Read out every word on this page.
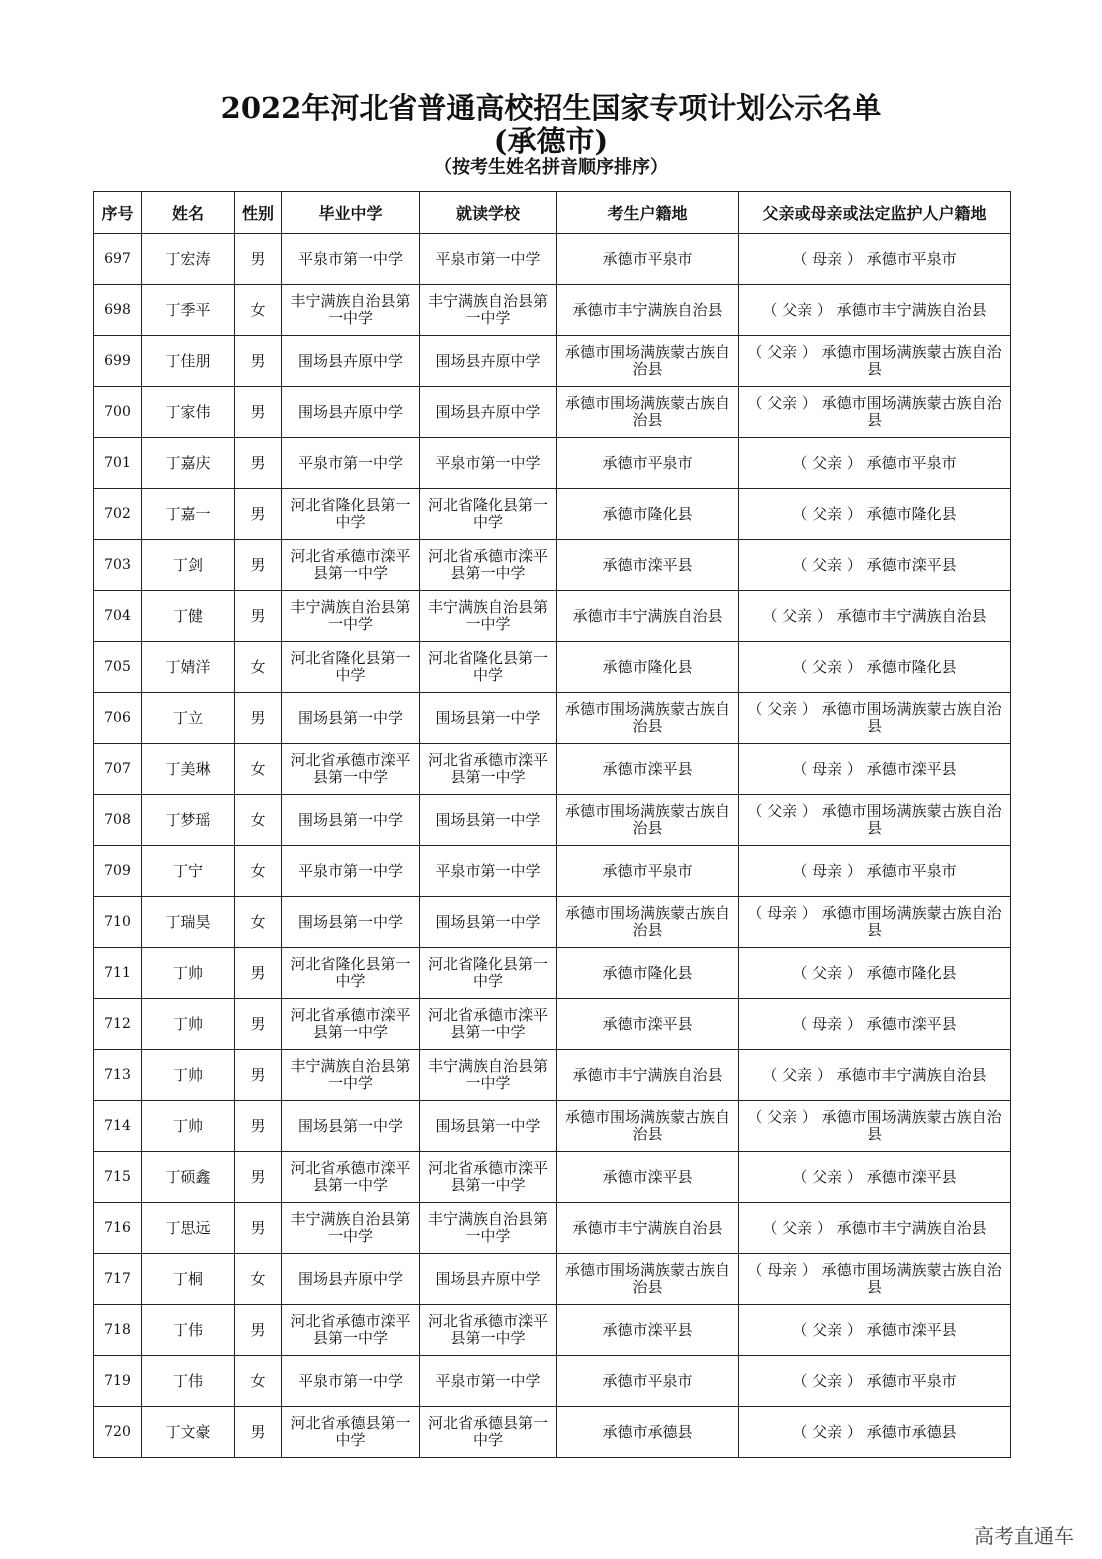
2022年河北省普通高校招生国家专项计划公示名单
(承德市)
（按考生姓名拼音顺序排序）
序号	姓名	性别	毕业中学	就读学校	考生户籍地	父亲或母亲或法定监护人户籍地
697	丁宏涛	男	平泉市第一中学	平泉市第一中学	承德市平泉市	（ 母亲 ） 承德市平泉市
698	丁季平	女	丰宁满族自治县第一中学	丰宁满族自治县第一中学	承德市丰宁满族自治县	（ 父亲 ） 承德市丰宁满族自治县
699	丁佳朋	男	围场县卉原中学	围场县卉原中学	承德市围场满族蒙古族自治县	（ 父亲 ） 承德市围场满族蒙古族自治县
700	丁家伟	男	围场县卉原中学	围场县卉原中学	承德市围场满族蒙古族自治县	（ 父亲 ） 承德市围场满族蒙古族自治县
701	丁嘉庆	男	平泉市第一中学	平泉市第一中学	承德市平泉市	（ 父亲 ） 承德市平泉市
702	丁嘉一	男	河北省隆化县第一中学	河北省隆化县第一中学	承德市隆化县	（ 父亲 ） 承德市隆化县
703	丁剑	男	河北省承德市滦平县第一中学	河北省承德市滦平县第一中学	承德市滦平县	（ 父亲 ） 承德市滦平县
704	丁健	男	丰宁满族自治县第一中学	丰宁满族自治县第一中学	承德市丰宁满族自治县	（ 父亲 ） 承德市丰宁满族自治县
705	丁婧洋	女	河北省隆化县第一中学	河北省隆化县第一中学	承德市隆化县	（ 父亲 ） 承德市隆化县
706	丁立	男	围场县第一中学	围场县第一中学	承德市围场满族蒙古族自治县	（ 父亲 ） 承德市围场满族蒙古族自治县
707	丁美琳	女	河北省承德市滦平县第一中学	河北省承德市滦平县第一中学	承德市滦平县	（ 母亲 ） 承德市滦平县
708	丁梦瑶	女	围场县第一中学	围场县第一中学	承德市围场满族蒙古族自治县	（ 父亲 ） 承德市围场满族蒙古族自治县
709	丁宁	女	平泉市第一中学	平泉市第一中学	承德市平泉市	（ 母亲 ） 承德市平泉市
710	丁瑞昊	女	围场县第一中学	围场县第一中学	承德市围场满族蒙古族自治县	（ 母亲 ） 承德市围场满族蒙古族自治县
711	丁帅	男	河北省隆化县第一中学	河北省隆化县第一中学	承德市隆化县	（ 父亲 ） 承德市隆化县
712	丁帅	男	河北省承德市滦平县第一中学	河北省承德市滦平县第一中学	承德市滦平县	（ 母亲 ） 承德市滦平县
713	丁帅	男	丰宁满族自治县第一中学	丰宁满族自治县第一中学	承德市丰宁满族自治县	（ 父亲 ） 承德市丰宁满族自治县
714	丁帅	男	围场县第一中学	围场县第一中学	承德市围场满族蒙古族自治县	（ 父亲 ） 承德市围场满族蒙古族自治县
715	丁硕鑫	男	河北省承德市滦平县第一中学	河北省承德市滦平县第一中学	承德市滦平县	（ 父亲 ） 承德市滦平县
716	丁思远	男	丰宁满族自治县第一中学	丰宁满族自治县第一中学	承德市丰宁满族自治县	（ 父亲 ） 承德市丰宁满族自治县
717	丁桐	女	围场县卉原中学	围场县卉原中学	承德市围场满族蒙古族自治县	（ 母亲 ） 承德市围场满族蒙古族自治县
718	丁伟	男	河北省承德市滦平县第一中学	河北省承德市滦平县第一中学	承德市滦平县	（ 父亲 ） 承德市滦平县
719	丁伟	女	平泉市第一中学	平泉市第一中学	承德市平泉市	（ 父亲 ） 承德市平泉市
720	丁文豪	男	河北省承德县第一中学	河北省承德县第一中学	承德市承德县	（ 父亲 ） 承德市承德县
高考直通车
